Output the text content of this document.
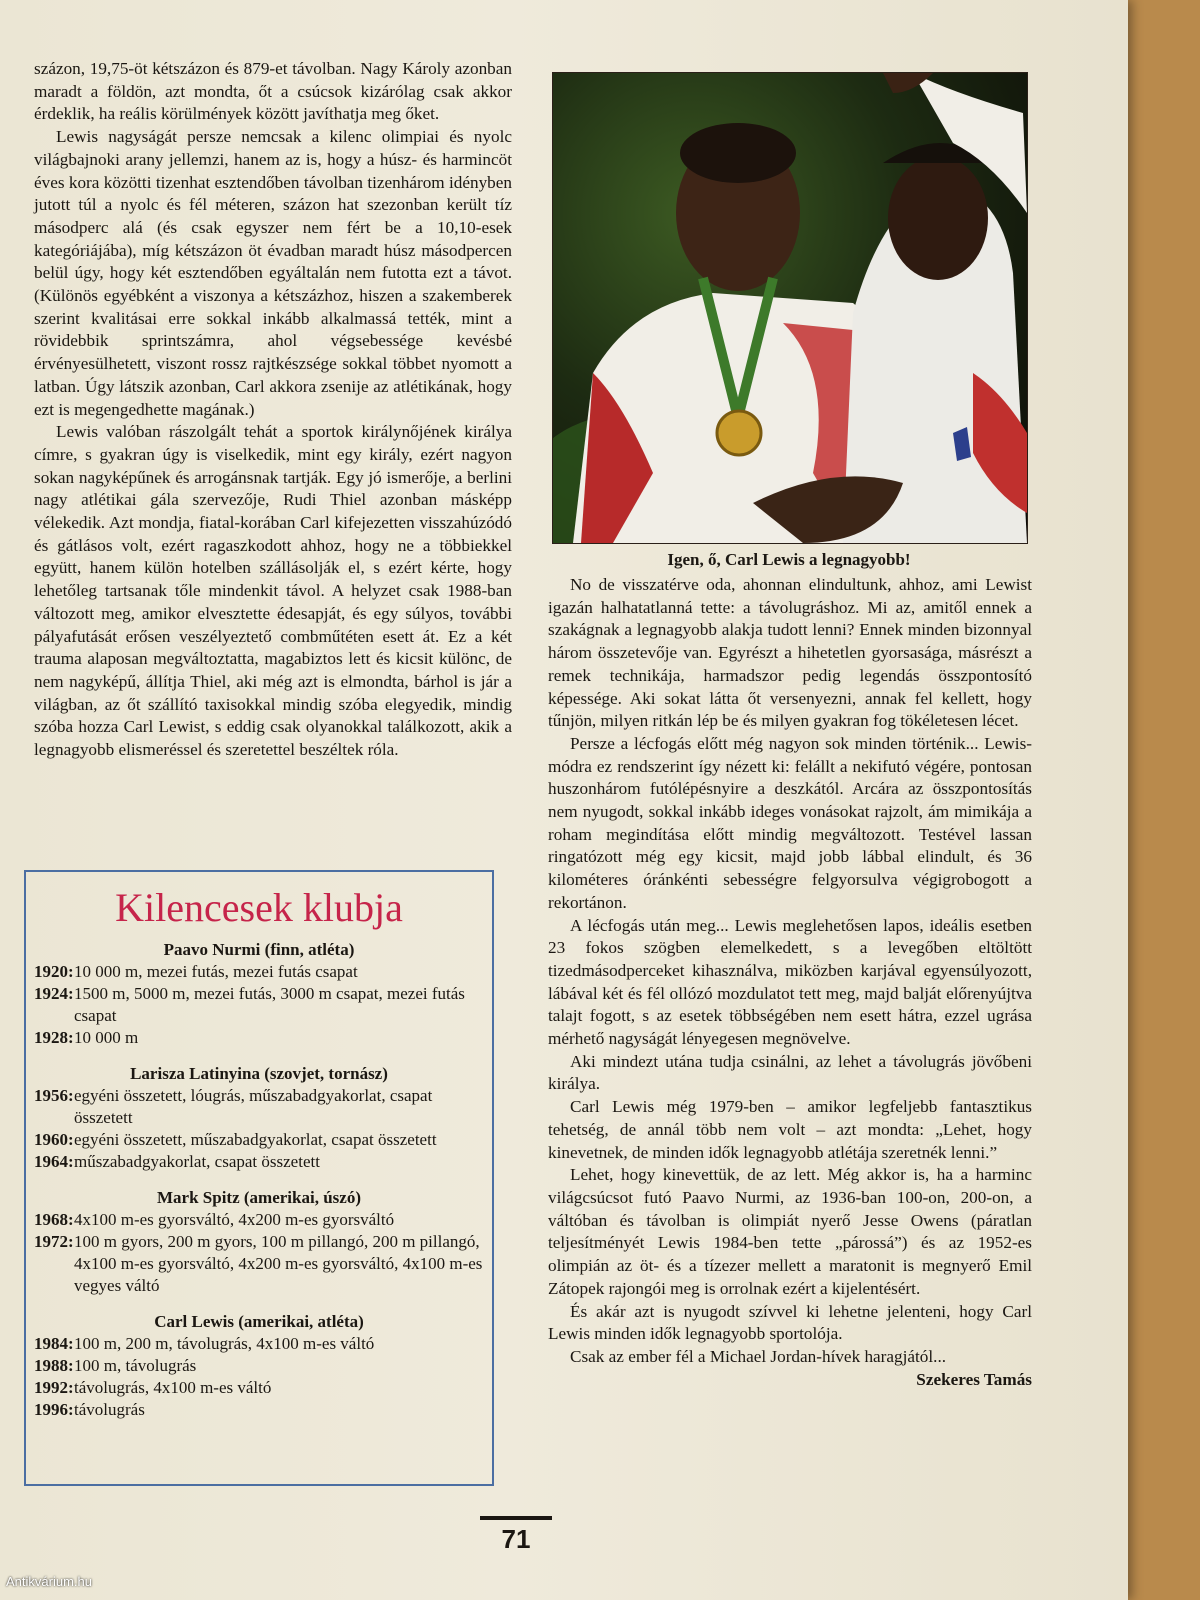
százon, 19,75-öt kétszázon és 879-et távolban. Nagy Károly azonban maradt a földön, azt mondta, őt a csúcsok kizárólag csak akkor érdeklik, ha reális körülmények között javíthatja meg őket.

Lewis nagyságát persze nemcsak a kilenc olimpiai és nyolc világbajnoki arany jellemzi, hanem az is, hogy a húsz- és harmincöt éves kora közötti tizenhat esztendőben távolban tizenhárom idényben jutott túl a nyolc és fél méteren, százon hat szezonban került tíz másodperc alá (és csak egyszer nem fért be a 10,10-esek kategóriájába), míg kétszázon öt évadban maradt húsz másodpercen belül úgy, hogy két esztendőben egyáltalán nem futotta ezt a távot. (Különös egyébként a viszonya a kétszázhoz, hiszen a szakemberek szerint kvalitásai erre sokkal inkább alkalmassá tették, mint a rövidebbik sprintszámra, ahol végsebessége kevésbé érvényesülhetett, viszont rossz rajtkészsége sokkal többet nyomott a latban. Úgy látszik azonban, Carl akkora zsenije az atlétikának, hogy ezt is megengedhette magának.)

Lewis valóban rászolgált tehát a sportok királynőjének királya címre, s gyakran úgy is viselkedik, mint egy király, ezért nagyon sokan nagyképűnek és arrogánsnak tartják. Egy jó ismerője, a berlini nagy atlétikai gála szervezője, Rudi Thiel azonban másképp vélekedik. Azt mondja, fiatal-korában Carl kifejezetten visszahúzódó és gátlásos volt, ezért ragaszkodott ahhoz, hogy ne a többiekkel együtt, hanem külön hotelben szállásolják el, s ezért kérte, hogy lehetőleg tartsanak tőle mindenkit távol. A helyzet csak 1988-ban változott meg, amikor elvesztette édesapját, és egy súlyos, további pályafutását erősen veszélyeztető combműtéten esett át. Ez a két trauma alaposan megváltoztatta, magabiztos lett és kicsit különc, de nem nagyképű, állítja Thiel, aki még azt is elmondta, bárhol is jár a világban, az őt szállító taxisokkal mindig szóba elegyedik, mindig szóba hozza Carl Lewist, s eddig csak olyanokkal találkozott, akik a legnagyobb elismeréssel és szeretettel beszéltek róla.

Igen, ő, Carl Lewis a legnagyobb!

No de visszatérve oda, ahonnan elindultunk, ahhoz, ami Lewist igazán halhatatlanná tette: a távolugráshoz. Mi az, amitől ennek a szakágnak a legnagyobb alakja tudott lenni? Ennek minden bizonnyal három összetevője van. Egyrészt a hihetetlen gyorsasága, másrészt a remek technikája, harmadszor pedig legendás összpontosító képessége. Aki sokat látta őt versenyezni, annak fel kellett, hogy tűnjön, milyen ritkán lép be és milyen gyakran fog tökéletesen lécet.

Persze a lécfogás előtt még nagyon sok minden történik... Lewis-módra ez rendszerint így nézett ki: felállt a nekifutó végére, pontosan huszonhárom futólépésnyire a deszkától. Arcára az összpontosítás nem nyugodt, sokkal inkább ideges vonásokat rajzolt, ám mimikája a roham megindítása előtt mindig megváltozott. Testével lassan ringatózott még egy kicsit, majd jobb lábbal elindult, és 36 kilométeres óránkénti sebességre felgyorsulva végigrobogott a rekortánon.

A lécfogás után meg... Lewis meglehetősen lapos, ideális esetben 23 fokos szögben elemelkedett, s a levegőben eltöltött tizedmásodperceket kihasználva, miközben karjával egyensúlyozott, lábával két és fél ollózó mozdulatot tett meg, majd balját előrenyújtva talajt fogott, s az esetek többségében nem esett hátra, ezzel ugrása mérhető nagyságát lényegesen megnövelve.

Aki mindezt utána tudja csinálni, az lehet a távolugrás jövőbeni királya.

Carl Lewis még 1979-ben – amikor legfeljebb fantasztikus tehetség, de annál több nem volt – azt mondta: „Lehet, hogy kinevetnek, de minden idők legnagyobb atlétája szeretnék lenni.”

Lehet, hogy kinevettük, de az lett. Még akkor is, ha a harminc világcsúcsot futó Paavo Nurmi, az 1936-ban 100-on, 200-on, a váltóban és távolban is olimpiát nyerő Jesse Owens (páratlan teljesítményét Lewis 1984-ben tette „párossá”) és az 1952-es olimpián az öt- és a tízezer mellett a maratonit is megnyerő Emil Zátopek rajongói meg is orrolnak ezért a kijelentésért.

És akár azt is nyugodt szívvel ki lehetne jelenteni, hogy Carl Lewis minden idők legnagyobb sportolója.

Csak az ember fél a Michael Jordan-hívek haragjától...

Szekeres Tamás
Kilencesek klubja
Paavo Nurmi (finn, atléta)
1920: 10 000 m, mezei futás, mezei futás csapat
1924: 1500 m, 5000 m, mezei futás, 3000 m csapat, mezei futás csapat
1928: 10 000 m
Larisza Latinyina (szovjet, tornász)
1956: egyéni összetett, lóugrás, műszabadgyakorlat, csapat összetett
1960: egyéni összetett, műszabadgyakorlat, csapat összetett
1964: műszabadgyakorlat, csapat összetett
Mark Spitz (amerikai, úszó)
1968: 4x100 m-es gyorsváltó, 4x200 m-es gyorsváltó
1972: 100 m gyors, 200 m gyors, 100 m pillangó, 200 m pillangó, 4x100 m-es gyorsváltó, 4x200 m-es gyorsváltó, 4x100 m-es vegyes váltó
Carl Lewis (amerikai, atléta)
1984: 100 m, 200 m, távolugrás, 4x100 m-es váltó
1988: 100 m, távolugrás
1992: távolugrás, 4x100 m-es váltó
1996: távolugrás
71
Antikvárium.hu
